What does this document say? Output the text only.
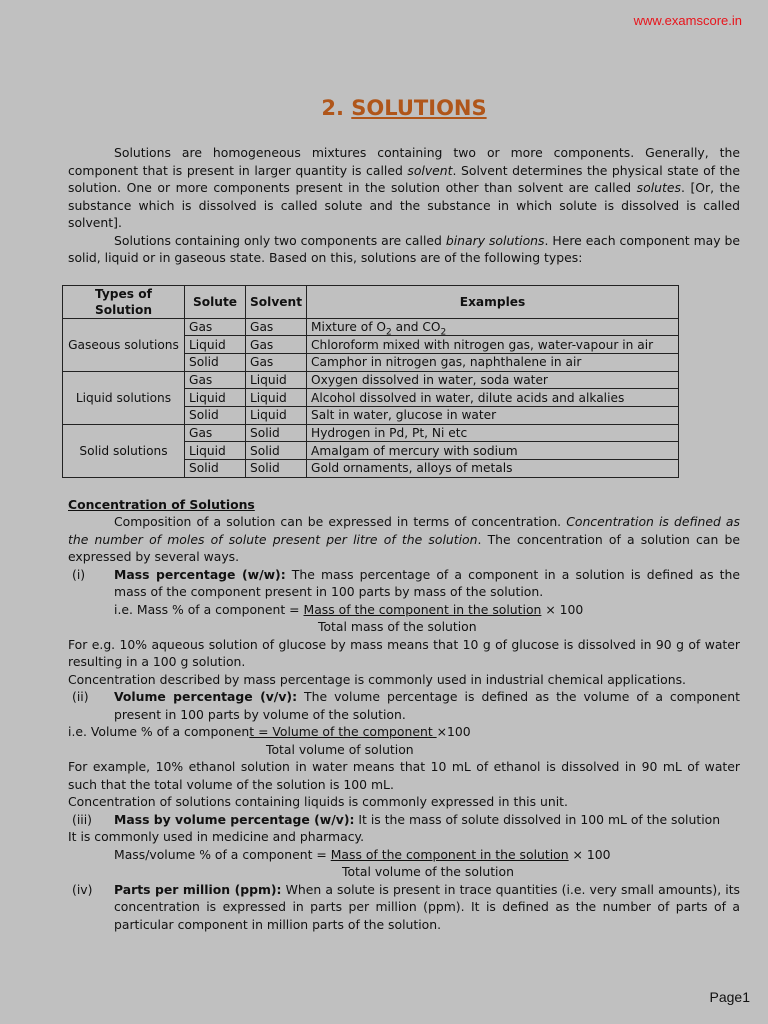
www.examscore.in
2. SOLUTIONS

Solutions are homogeneous mixtures containing two or more components. Generally, the component that is present in larger quantity is called solvent. Solvent determines the physical state of the solution. One or more components present in the solution other than solvent are called solutes. [Or, the substance which is dissolved is called solute and the substance in which solute is dissolved is called solvent].

Solutions containing only two components are called binary solutions. Here each component may be solid, liquid or in gaseous state. Based on this, solutions are of the following types:

Types of Solution	Solute	Solvent	Examples
Gaseous solutions	Gas	Gas	Mixture of $O_2$ and $CO_2$
	Liquid	Gas	Chloroform mixed with nitrogen gas, water-vapour in air
	Solid	Gas	Camphor in nitrogen gas, naphthalene in air
Liquid solutions	Gas	Liquid	Oxygen dissolved in water, soda water
	Liquid	Liquid	Alcohol dissolved in water, dilute acids and alkalies
	Solid	Liquid	Salt in water, glucose in water
Solid solutions	Gas	Solid	Hydrogen in Pd, Pt, Ni etc
	Liquid	Solid	Amalgam of mercury with sodium
	Solid	Solid	Gold ornaments, alloys of metals
Concentration of Solutions

Composition of a solution can be expressed in terms of concentration. Concentration is defined as the number of moles of solute present per litre of the solution. The concentration of a solution can be expressed by several ways.

(i)	Mass percentage (w/w): The mass percentage of a component in a solution is defined as the mass of the component present in 100 parts by mass of the solution.
i.e. Mass % of a component = Mass of the component in the solution × 100
Total mass of the solution

For e.g. 10% aqueous solution of glucose by mass means that 10 g of glucose is dissolved in 90 g of water resulting in a 100 g solution.

Concentration described by mass percentage is commonly used in industrial chemical applications.

(ii)	Volume percentage (v/v): The volume percentage is defined as the volume of a component present in 100 parts by volume of the solution.
i.e. Volume % of a component = Volume of the component ×100
Total volume of solution

For example, 10% ethanol solution in water means that 10 mL of ethanol is dissolved in 90 mL of water such that the total volume of the solution is 100 mL.

Concentration of solutions containing liquids is commonly expressed in this unit.

(iii)	Mass by volume percentage (w/v): It is the mass of solute dissolved in 100 mL of the solution

It is commonly used in medicine and pharmacy.

Mass/volume % of a component = Mass of the component in the solution × 100
Total volume of the solution
(iv)	Parts per million (ppm): When a solute is present in trace quantities (i.e. very small amounts), its concentration is expressed in parts per million (ppm). It is defined as the number of parts of a particular component in million parts of the solution.
Page1
